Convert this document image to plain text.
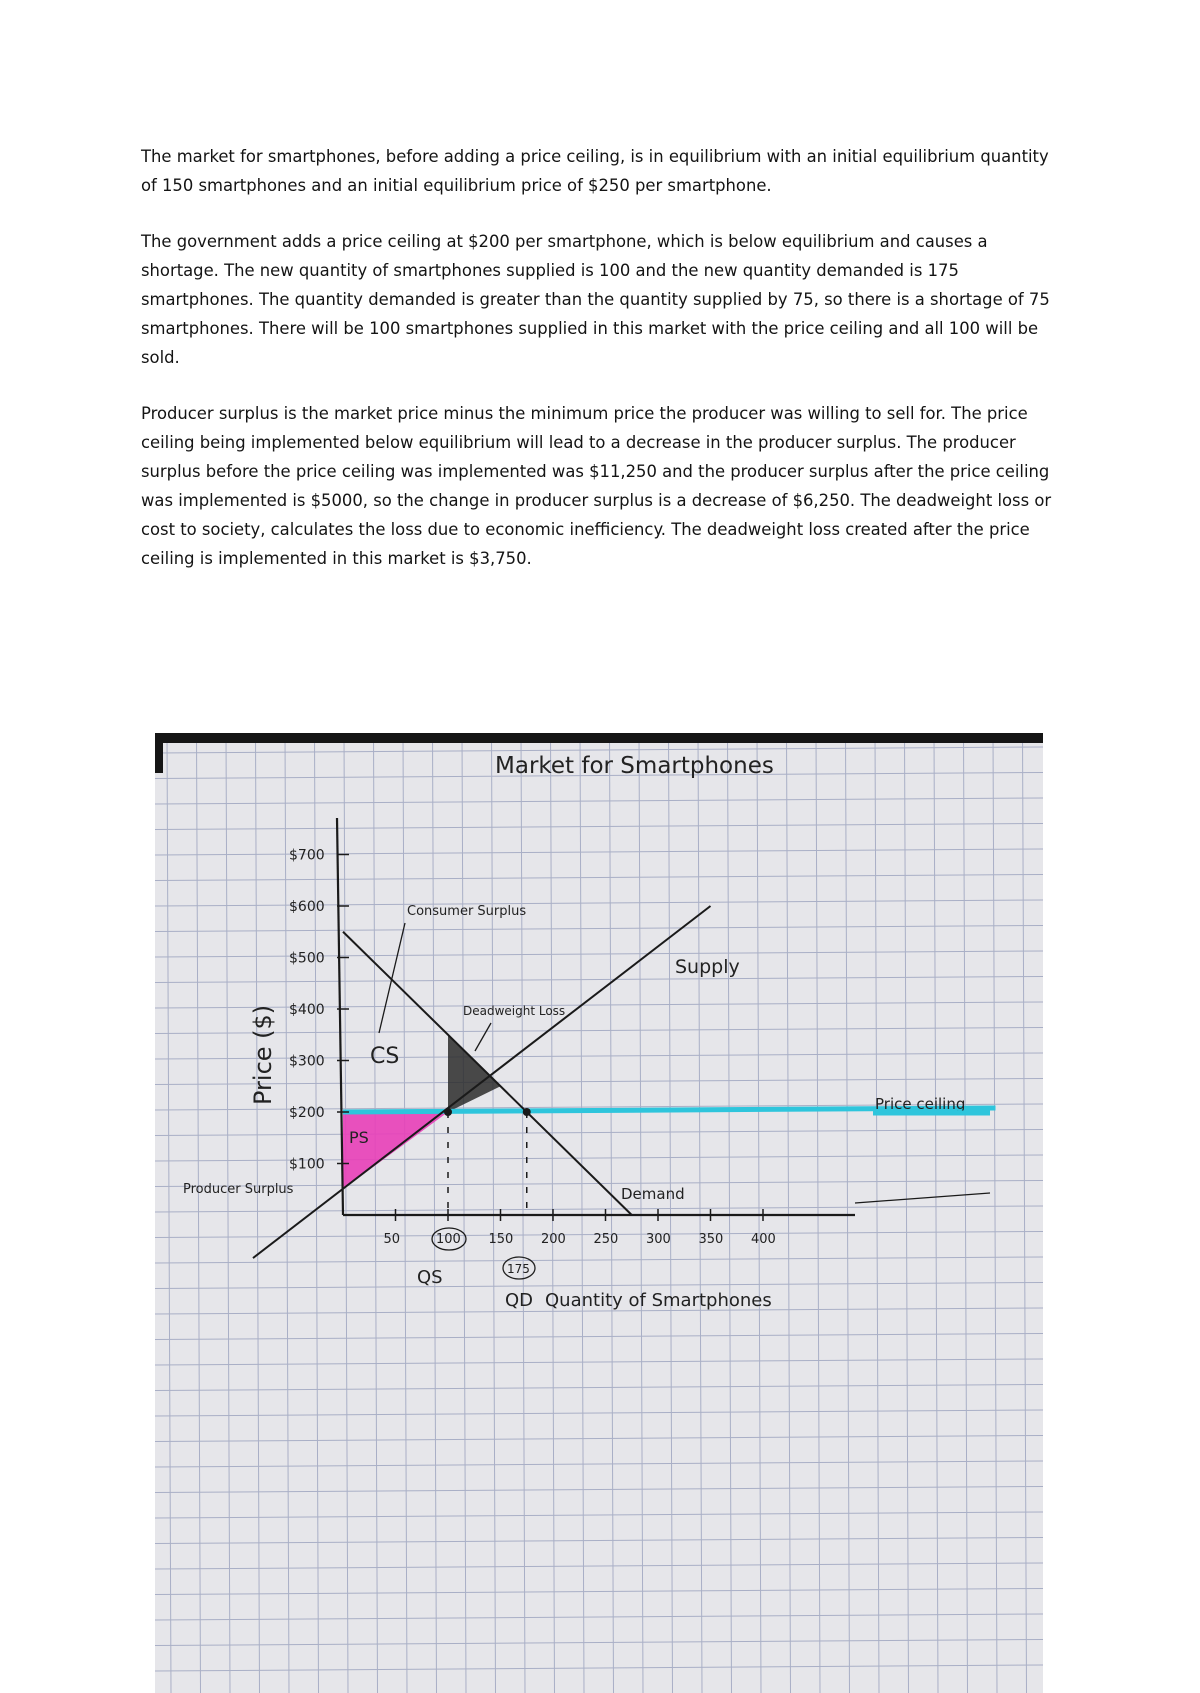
The market for smartphones, before adding a price ceiling, is in equilibrium with an initial equilibrium quantity of 150 smartphones and an initial equilibrium price of $250 per smartphone.

The government adds a price ceiling at $200 per smartphone, which is below equilibrium and causes a shortage. The new quantity of smartphones supplied is 100 and the new quantity demanded is 175 smartphones. The quantity demanded is greater than the quantity supplied by 75, so there is a shortage of 75 smartphones. There will be 100 smartphones supplied in this market with the price ceiling and all 100 will be sold.

Producer surplus is the market price minus the minimum price the producer was willing to sell for. The price ceiling being implemented below equilibrium will lead to a decrease in the producer surplus. The producer surplus before the price ceiling was implemented was $11,250 and the producer surplus after the price ceiling was implemented is $5000, so the change in producer surplus is a decrease of $6,250. The deadweight loss or cost to society, calculates the loss due to economic inefficiency. The deadweight loss created after the price ceiling is implemented in this market is $3,750.

Market for Smartphones
$100
$200
$300
$400
$500
$600
$700
50	100 150 200 250 300 350 400
Supply
Demand
Price ceiling
Consumer Surplus
CS
Deadweight Loss
PS
Producer Surplus
QS
QD
175
Quantity of Smartphones
Price ($)
